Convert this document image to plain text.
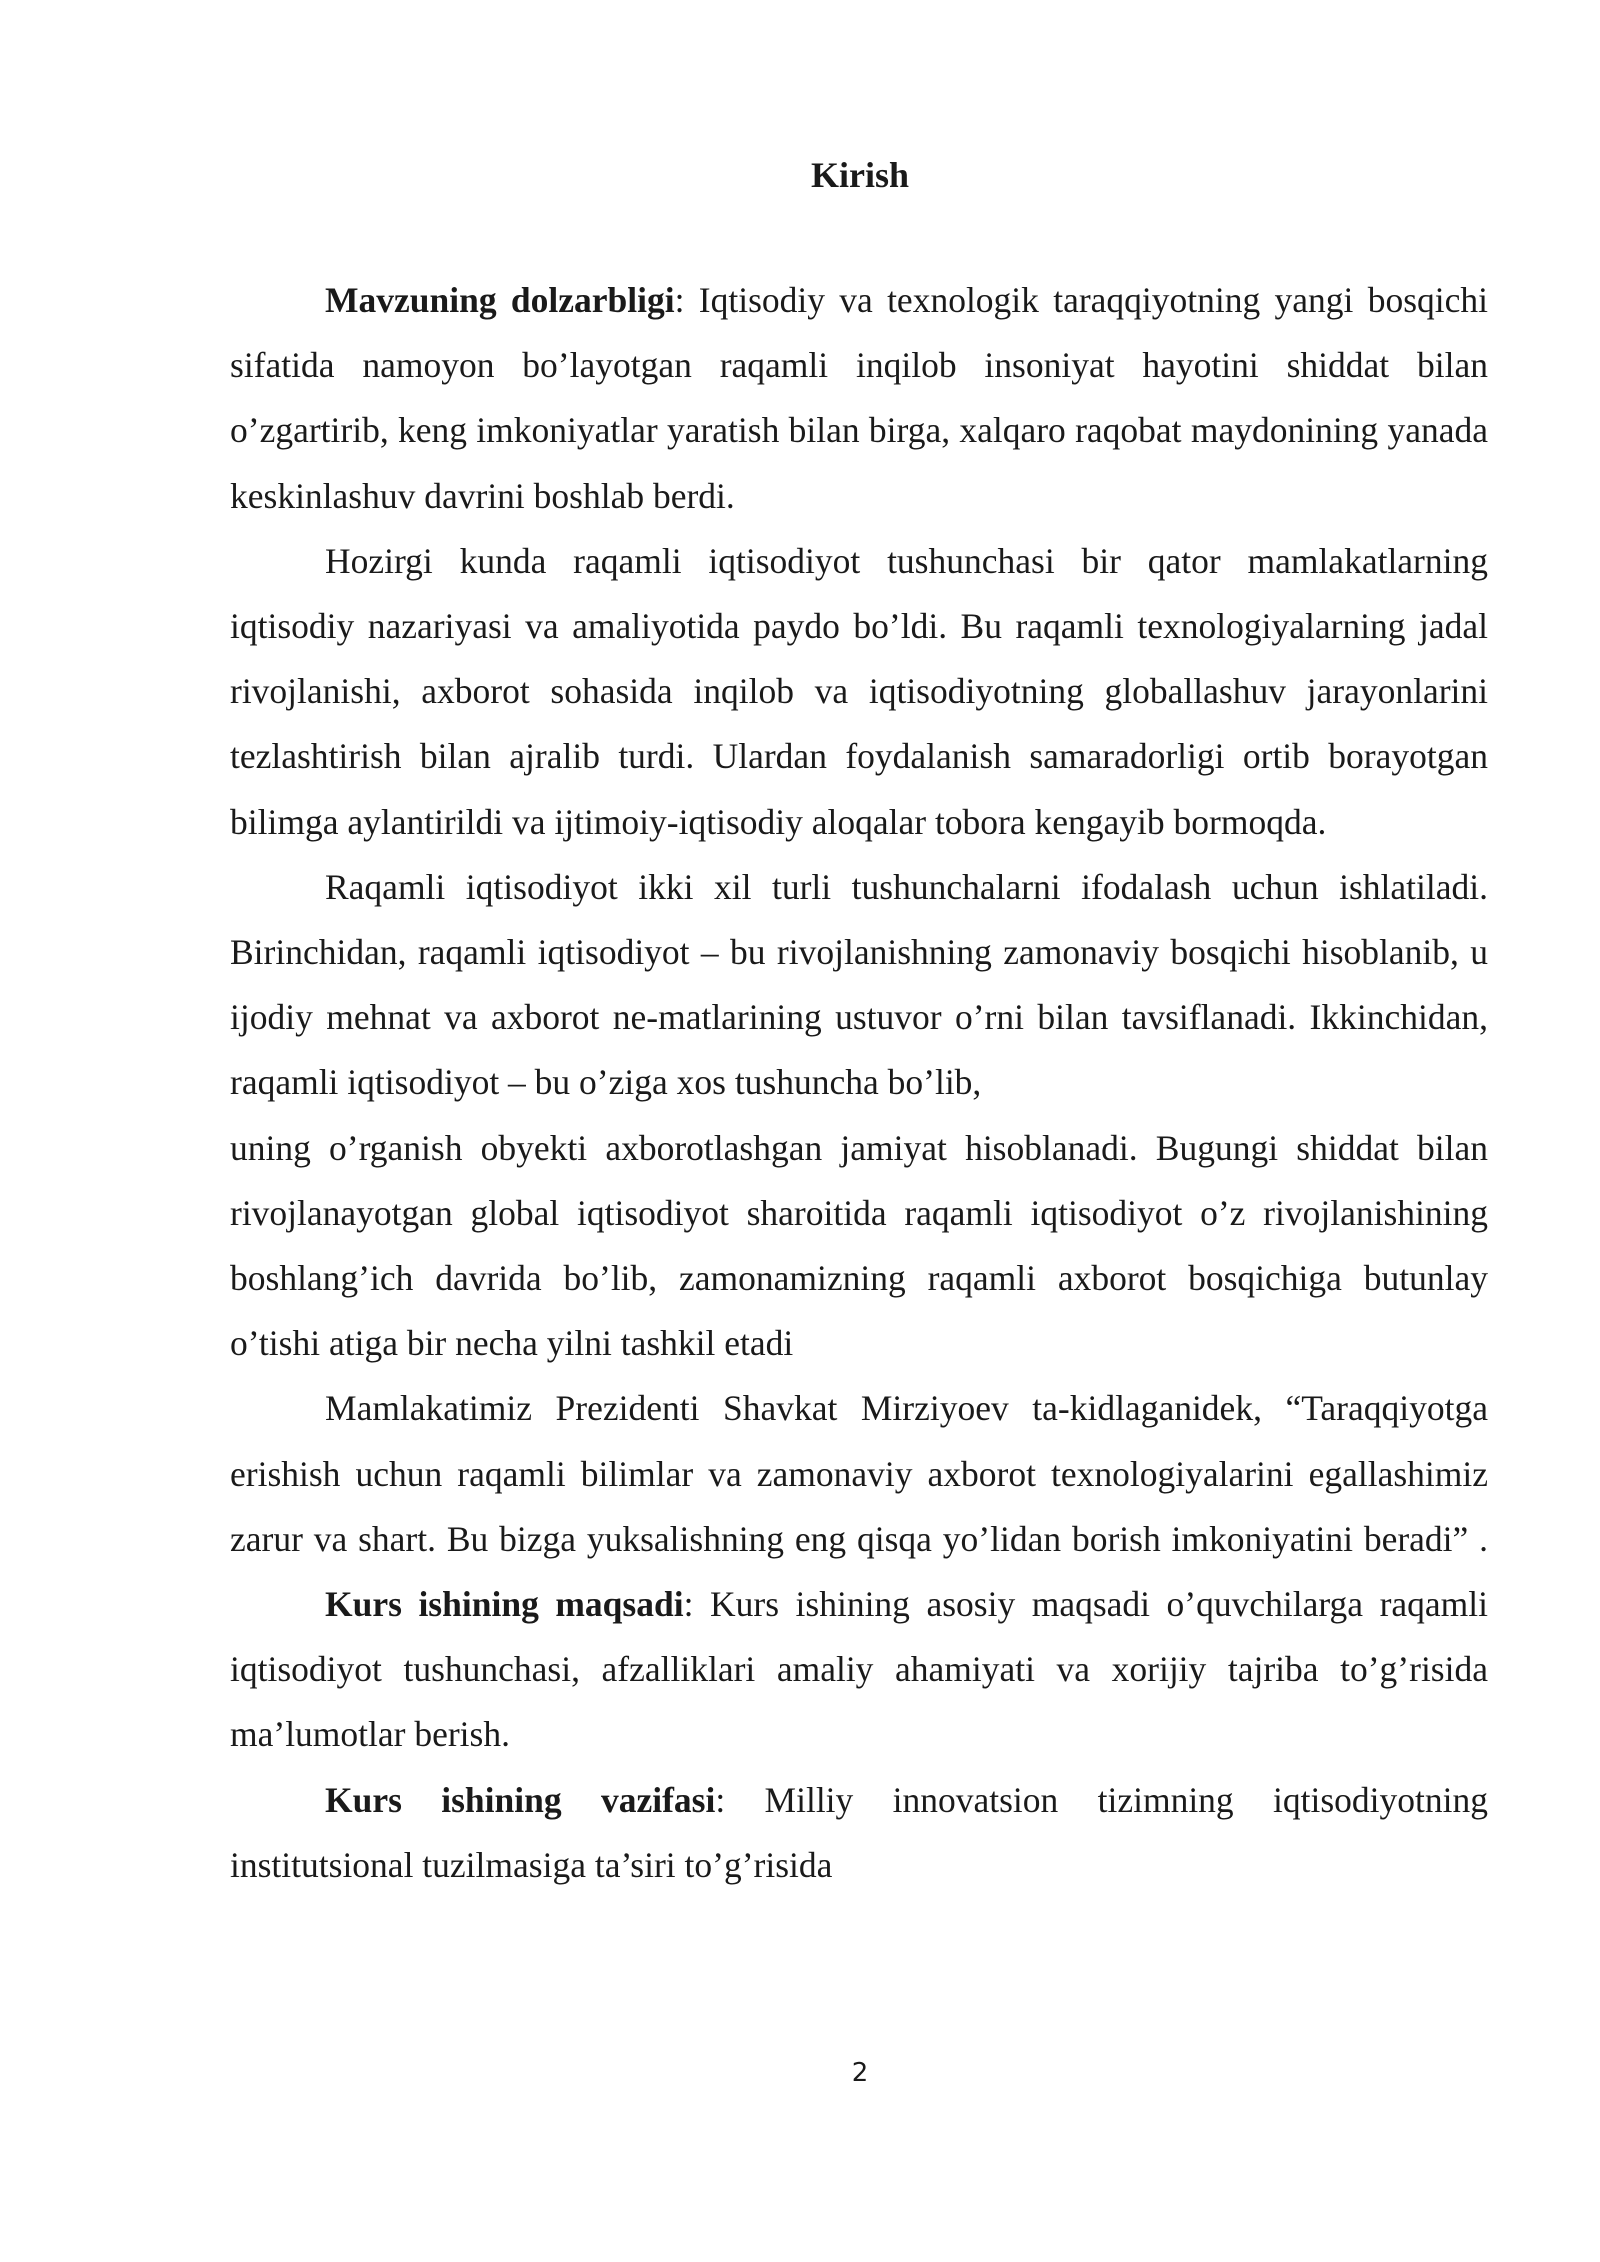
Kirish

Mavzuning dolzarbligi: Iqtisodiy va texnologik taraqqiyotning yangi bosqichi sifatida namoyon bo’layotgan raqamli inqilob insoniyat hayotini shiddat bilan o’zgartirib, keng imkoniyatlar yaratish bilan birga, xalqaro raqobat maydonining yanada keskinlashuv davrini boshlab berdi.

Hozirgi kunda raqamli iqtisodiyot tushunchasi bir qator mamlakatlarning iqtisodiy nazariyasi va amaliyotida paydo bo’ldi. Bu raqamli texnologiyalarning jadal rivojlanishi, axborot sohasida inqilob va iqtisodiyotning globallashuv jarayonlarini tezlashtirish bilan ajralib turdi. Ulardan foydalanish samaradorligi ortib borayotgan bilimga aylantirildi va ijtimoiy-iqtisodiy aloqalar tobora kengayib bormoqda.

Raqamli iqtisodiyot ikki xil turli tushunchalarni ifodalash uchun ishlatiladi. Birinchidan, raqamli iqtisodiyot – bu rivojlanishning zamonaviy bosqichi hisoblanib, u ijodiy mehnat va axborot ne-matlarining ustuvor o’rni bilan tavsiflanadi. Ikkinchidan, raqamli iqtisodiyot – bu o’ziga xos tushuncha bo’lib,

uning o’rganish obyekti axborotlashgan jamiyat hisoblanadi. Bugungi shiddat bilan rivojlanayotgan global iqtisodiyot sharoitida raqamli iqtisodiyot o’z rivojlanishining boshlang’ich davrida bo’lib, zamonamizning raqamli axborot bosqichiga butunlay o’tishi atiga bir necha yilni tashkil etadi

Mamlakatimiz Prezidenti Shavkat Mirziyoev ta-kidlaganidek, “Taraqqiyotga erishish uchun raqamli bilimlar va zamonaviy axborot texnologiyalarini egallashimiz zarur va shart. Bu bizga yuksalishning eng qisqa yo’lidan borish imkoniyatini beradi” .

Kurs ishining maqsadi: Kurs ishining asosiy maqsadi o’quvchilarga raqamli iqtisodiyot tushunchasi, afzalliklari amaliy ahamiyati va xorijiy tajriba to’g’risida ma’lumotlar berish.

Kurs ishining vazifasi: Milliy innovatsion tizimning iqtisodiyotning institutsional tuzilmasiga ta’siri to’g’risida

2
